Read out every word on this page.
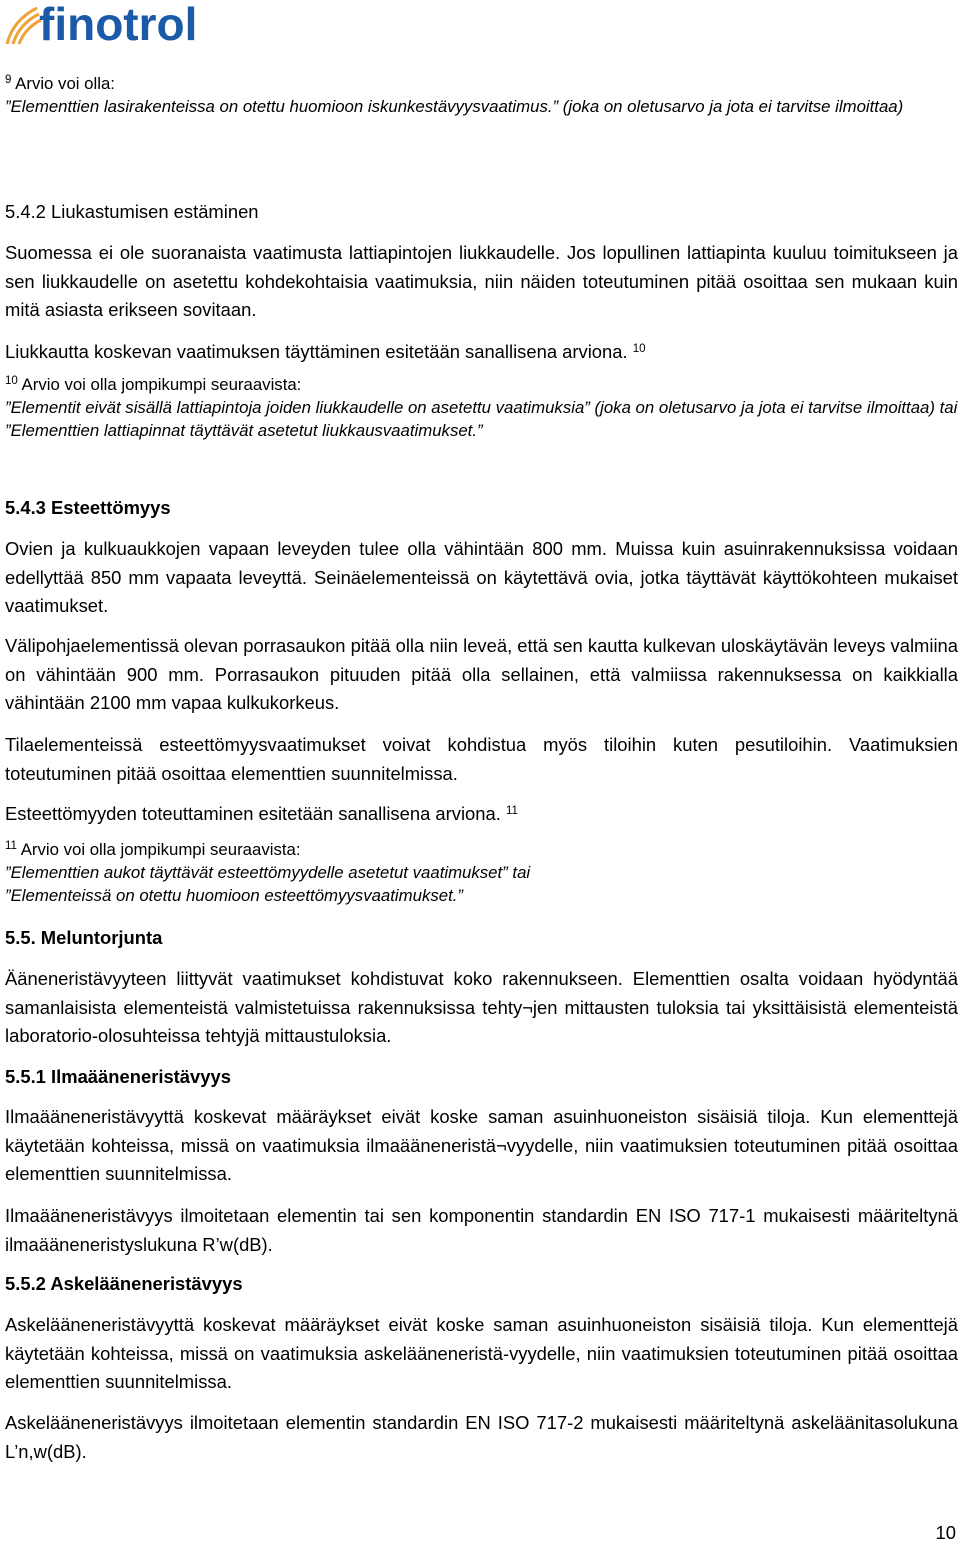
finotrol

$^9$ Arvio voi olla:

”Elementtien lasirakenteissa on otettu huomioon iskunkestävyysvaatimus.” (joka on oletusarvo ja jota ei tarvitse ilmoittaa)

5.4.2 Liukastumisen estäminen

Suomessa ei ole suoranaista vaatimusta lattiapintojen liukkaudelle. Jos lopullinen lattiapinta kuuluu toimitukseen ja sen liukkaudelle on asetettu kohdekohtaisia vaatimuksia, niin näiden toteutuminen pitää osoittaa sen mukaan kuin mitä asiasta erikseen sovitaan.

Liukkautta koskevan vaatimuksen täyttäminen esitetään sanallisena arviona. $^{10}$

$^{10}$ Arvio voi olla jompikumpi seuraavista:

”Elementit eivät sisällä lattiapintoja joiden liukkaudelle on asetettu vaatimuksia” (joka on oletusarvo ja jota ei tarvitse ilmoittaa) tai

”Elementtien lattiapinnat täyttävät asetetut liukkausvaatimukset.”

5.4.3 Esteettömyys

Ovien ja kulkuaukkojen vapaan leveyden tulee olla vähintään 800 mm. Muissa kuin asuinrakennuksissa voidaan edellyttää 850 mm vapaata leveyttä. Seinäelementeissä on käytettävä ovia, jotka täyttävät käyttökohteen mukaiset vaatimukset.

Välipohjaelementissä olevan porrasaukon pitää olla niin leveä, että sen kautta kulkevan uloskäytävän leveys valmiina on vähintään 900 mm. Porrasaukon pituuden pitää olla sellainen, että valmiissa rakennuksessa on kaikkialla vähintään 2100 mm vapaa kulkukorkeus.

Tilaelementeissä esteettömyysvaatimukset voivat kohdistua myös tiloihin kuten pesutiloihin. Vaatimuksien toteutuminen pitää osoittaa elementtien suunnitelmissa.

Esteettömyyden toteuttaminen esitetään sanallisena arviona. $^{11}$

$^{11}$ Arvio voi olla jompikumpi seuraavista:

”Elementtien aukot täyttävät esteettömyydelle asetetut vaatimukset” tai

”Elementeissä on otettu huomioon esteettömyysvaatimukset.”

5.5. Meluntorjunta

Ääneneristävyyteen liittyvät vaatimukset kohdistuvat koko rakennukseen. Elementtien osalta voidaan hyödyntää samanlaisista elementeistä valmistetuissa rakennuksissa tehty¬jen mittausten tuloksia tai yksittäisistä elementeistä laboratorio-olosuhteissa tehtyjä mittaustuloksia.

5.5.1 Ilmaääneneristävyys

Ilmaääneneristävyyttä koskevat määräykset eivät koske saman asuinhuoneiston sisäisiä tiloja. Kun elementtejä käytetään kohteissa, missä on vaatimuksia ilmaääneneristä¬vyydelle, niin vaatimuksien toteutuminen pitää osoittaa elementtien suunnitelmissa.

Ilmaääneneristävyys ilmoitetaan elementin tai sen komponentin standardin EN ISO 717-1 mukaisesti määriteltynä ilmaääneneristyslukuna R’w(dB).

5.5.2 Askelääneneristävyys

Askelääneneristävyyttä koskevat määräykset eivät koske saman asuinhuoneiston sisäisiä tiloja. Kun elementtejä käytetään kohteissa, missä on vaatimuksia askelääneneristä-vyydelle, niin vaatimuksien toteutuminen pitää osoittaa elementtien suunnitelmissa.

Askelääneneristävyys ilmoitetaan elementin standardin EN ISO 717-2 mukaisesti määriteltynä askeläänitasolukuna L’n,w(dB).

10
